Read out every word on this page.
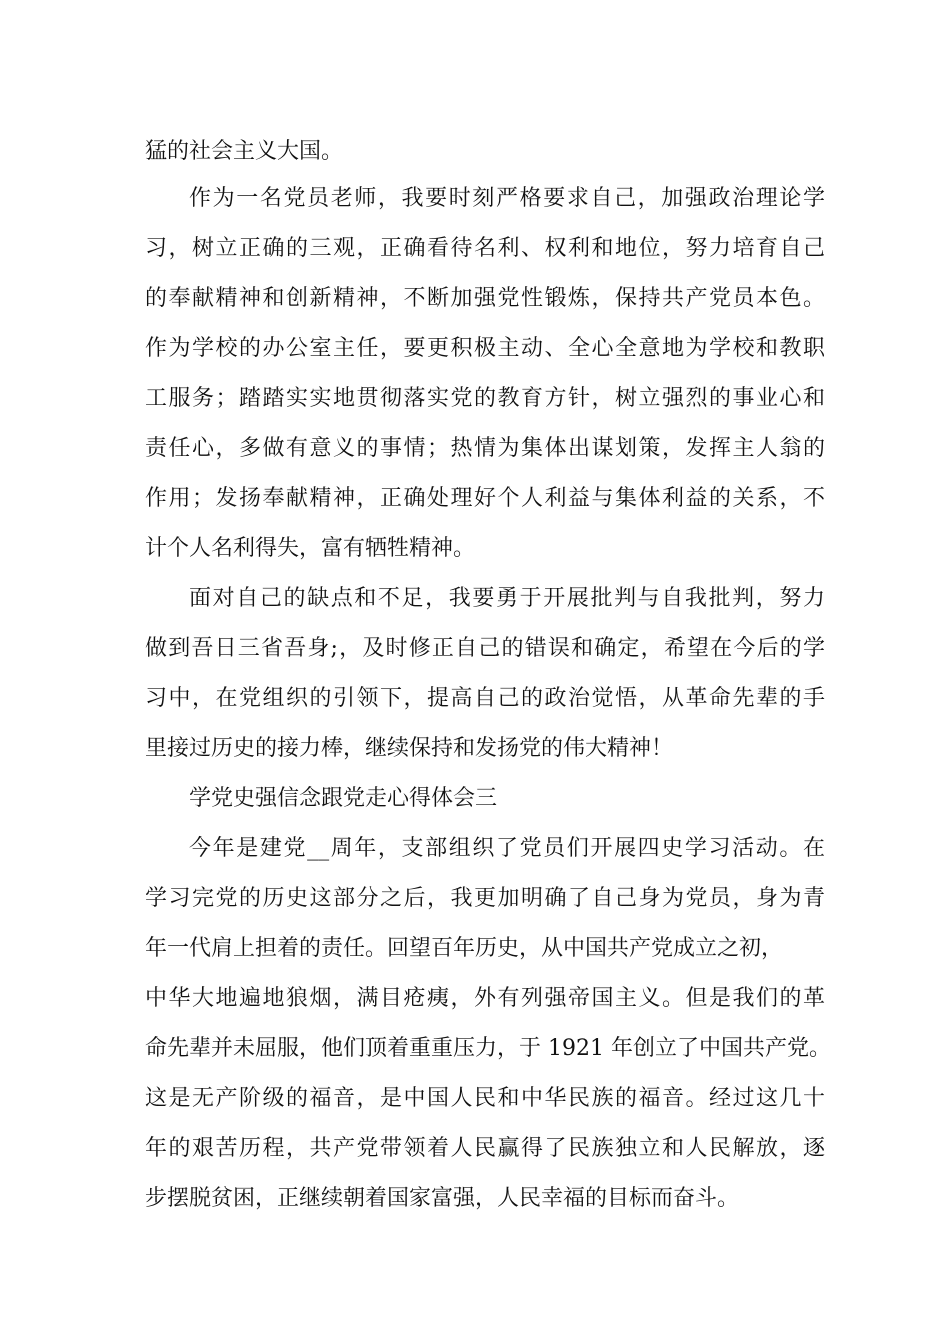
猛的社会主义大国。
作为一名党员老师，我要时刻严格要求自己，加强政治理论学
习，树立正确的三观，正确看待名利、权利和地位，努力培育自己
的奉献精神和创新精神，不断加强党性锻炼，保持共产党员本色。
作为学校的办公室主任，要更积极主动、全心全意地为学校和教职
工服务；踏踏实实地贯彻落实党的教育方针，树立强烈的事业心和
责任心，多做有意义的事情；热情为集体出谋划策，发挥主人翁的
作用；发扬奉献精神，正确处理好个人利益与集体利益的关系，不
计个人名利得失，富有牺牲精神。
面对自己的缺点和不足，我要勇于开展批判与自我批判，努力
做到吾日三省吾身;，及时修正自己的错误和确定，希望在今后的学
习中，在党组织的引领下，提高自己的政治觉悟，从革命先辈的手
里接过历史的接力棒，继续保持和发扬党的伟大精神！
学党史强信念跟党走心得体会三
今年是建党__周年，支部组织了党员们开展四史学习活动。在
学习完党的历史这部分之后，我更加明确了自己身为党员，身为青
年一代肩上担着的责任。回望百年历史，从中国共产党成立之初，
中华大地遍地狼烟，满目疮痍，外有列强帝国主义。但是我们的革
命先辈并未屈服，他们顶着重重压力，于 1921 年创立了中国共产党。
这是无产阶级的福音，是中国人民和中华民族的福音。经过这几十
年的艰苦历程，共产党带领着人民赢得了民族独立和人民解放，逐
步摆脱贫困，正继续朝着国家富强，人民幸福的目标而奋斗。
